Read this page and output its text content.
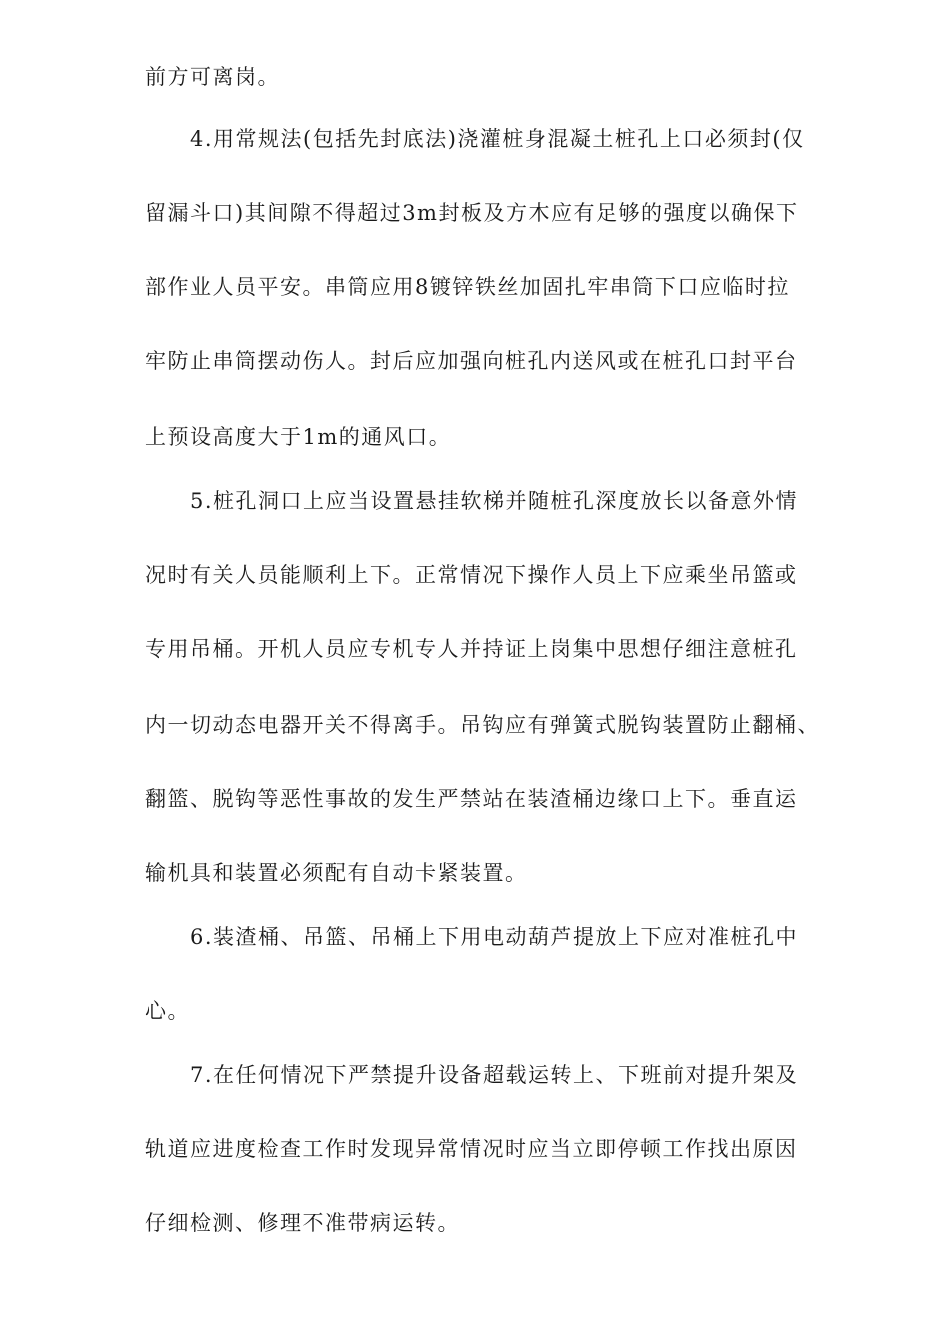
前方可离岗。
4.用常规法(包括先封底法)浇灌桩身混凝土桩孔上口必须封(仅
留漏斗口)其间隙不得超过3m封板及方木应有足够的强度以确保下
部作业人员平安。串筒应用8镀锌铁丝加固扎牢串筒下口应临时拉
牢防止串筒摆动伤人。封后应加强向桩孔内送风或在桩孔口封平台
上预设高度大于1m的通风口。
5.桩孔洞口上应当设置悬挂软梯并随桩孔深度放长以备意外情
况时有关人员能顺利上下。正常情况下操作人员上下应乘坐吊篮或
专用吊桶。开机人员应专机专人并持证上岗集中思想仔细注意桩孔
内一切动态电器开关不得离手。吊钩应有弹簧式脱钩装置防止翻桶、
翻篮、脱钩等恶性事故的发生严禁站在装渣桶边缘口上下。垂直运
输机具和装置必须配有自动卡紧装置。
6.装渣桶、吊篮、吊桶上下用电动葫芦提放上下应对准桩孔中
心。
7.在任何情况下严禁提升设备超载运转上、下班前对提升架及
轨道应进度检查工作时发现异常情况时应当立即停顿工作找出原因
仔细检测、修理不准带病运转。
